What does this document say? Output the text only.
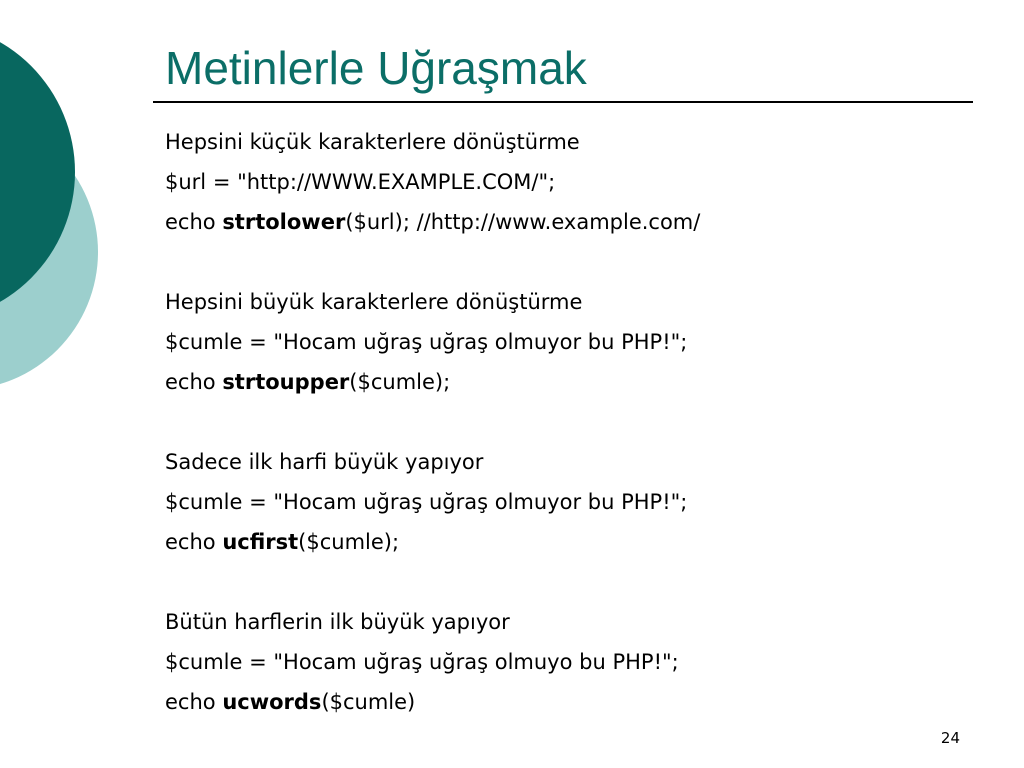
Metinlerle Uğraşmak
Hepsini küçük karakterlere dönüştürme
$url = "http://WWW.EXAMPLE.COM/";
echo strtolower($url); //http://www.example.com/
Hepsini büyük karakterlere dönüştürme
$cumle = "Hocam uğraş uğraş olmuyor bu PHP!";
echo strtoupper($cumle);
Sadece ilk harfi büyük yapıyor
$cumle = "Hocam uğraş uğraş olmuyor bu PHP!";
echo ucfirst($cumle);
Bütün harflerin ilk büyük yapıyor
$cumle = "Hocam uğraş uğraş olmuyo bu PHP!";
echo ucwords($cumle)
24
